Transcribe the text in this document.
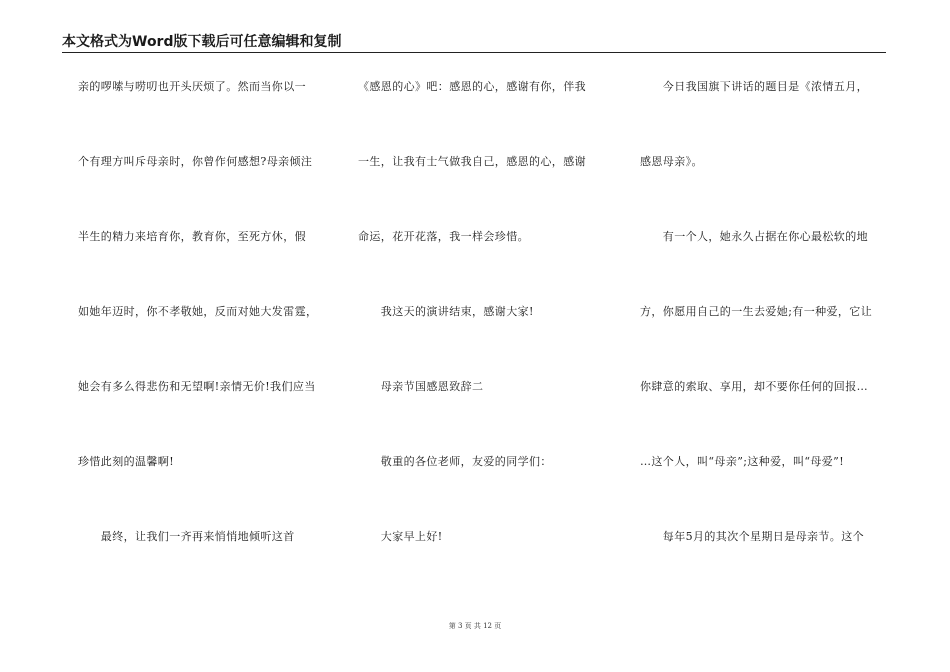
本文格式为Word版下载后可任意编辑和复制
亲的啰嗦与唠叨也开头厌烦了。然而当你以一
个有理方叫斥母亲时，你曾作何感想?母亲倾注
半生的精力来培育你，教育你，至死方休，假
如她年迈时，你不孝敬她，反而对她大发雷霆，
她会有多么得悲伤和无望啊!亲情无价!我们应当
珍惜此刻的温馨啊!
　　最终，让我们一齐再来悄悄地倾听这首
《感恩的心》吧：感恩的心，感谢有你，伴我
一生，让我有士气做我自己，感恩的心，感谢
命运，花开花落，我一样会珍惜。
　　我这天的演讲结束，感谢大家!
　　母亲节国感恩致辞二
　　敬重的各位老师，友爱的同学们：
　　大家早上好!
　　今日我国旗下讲话的题目是《浓情五月，
感恩母亲》。
　　有一个人，她永久占据在你心最松软的地
方，你愿用自己的一生去爱她;有一种爱，它让
你肆意的索取、享用，却不要你任何的回报…
…这个人，叫“母亲”;这种爱，叫“母爱”!
　　每年5月的其次个星期日是母亲节。这个
第 3 页 共 12 页
